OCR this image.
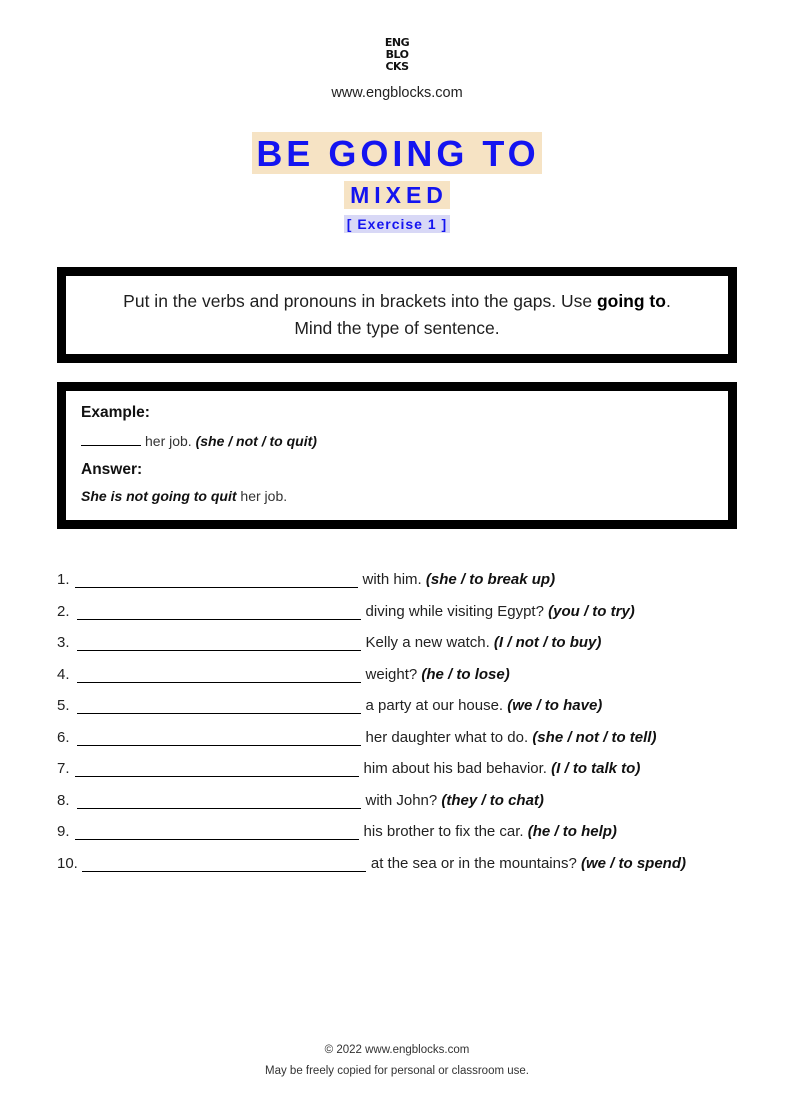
ENG
BLO
CKS
www.engblocks.com
BE GOING TO
MIXED
[ Exercise 1 ]
Put in the verbs and pronouns in brackets into the gaps. Use going to.
Mind the type of sentence.
Example:
her job. (she / not / to quit)
Answer:
She is not going to quit her job.
1.	with him. (she / to break up)
2.	diving while visiting Egypt? (you / to try)
3.	Kelly a new watch. (I / not / to buy)
4.	weight? (he / to lose)
5.	a party at our house. (we / to have)
6.	her daughter what to do. (she / not / to tell)
7.	him about his bad behavior. (I / to talk to)
8.	with John? (they / to chat)
9.	his brother to fix the car. (he / to help)
10.	at the sea or in the mountains? (we / to spend)
© 2022 www.engblocks.com
May be freely copied for personal or classroom use.
